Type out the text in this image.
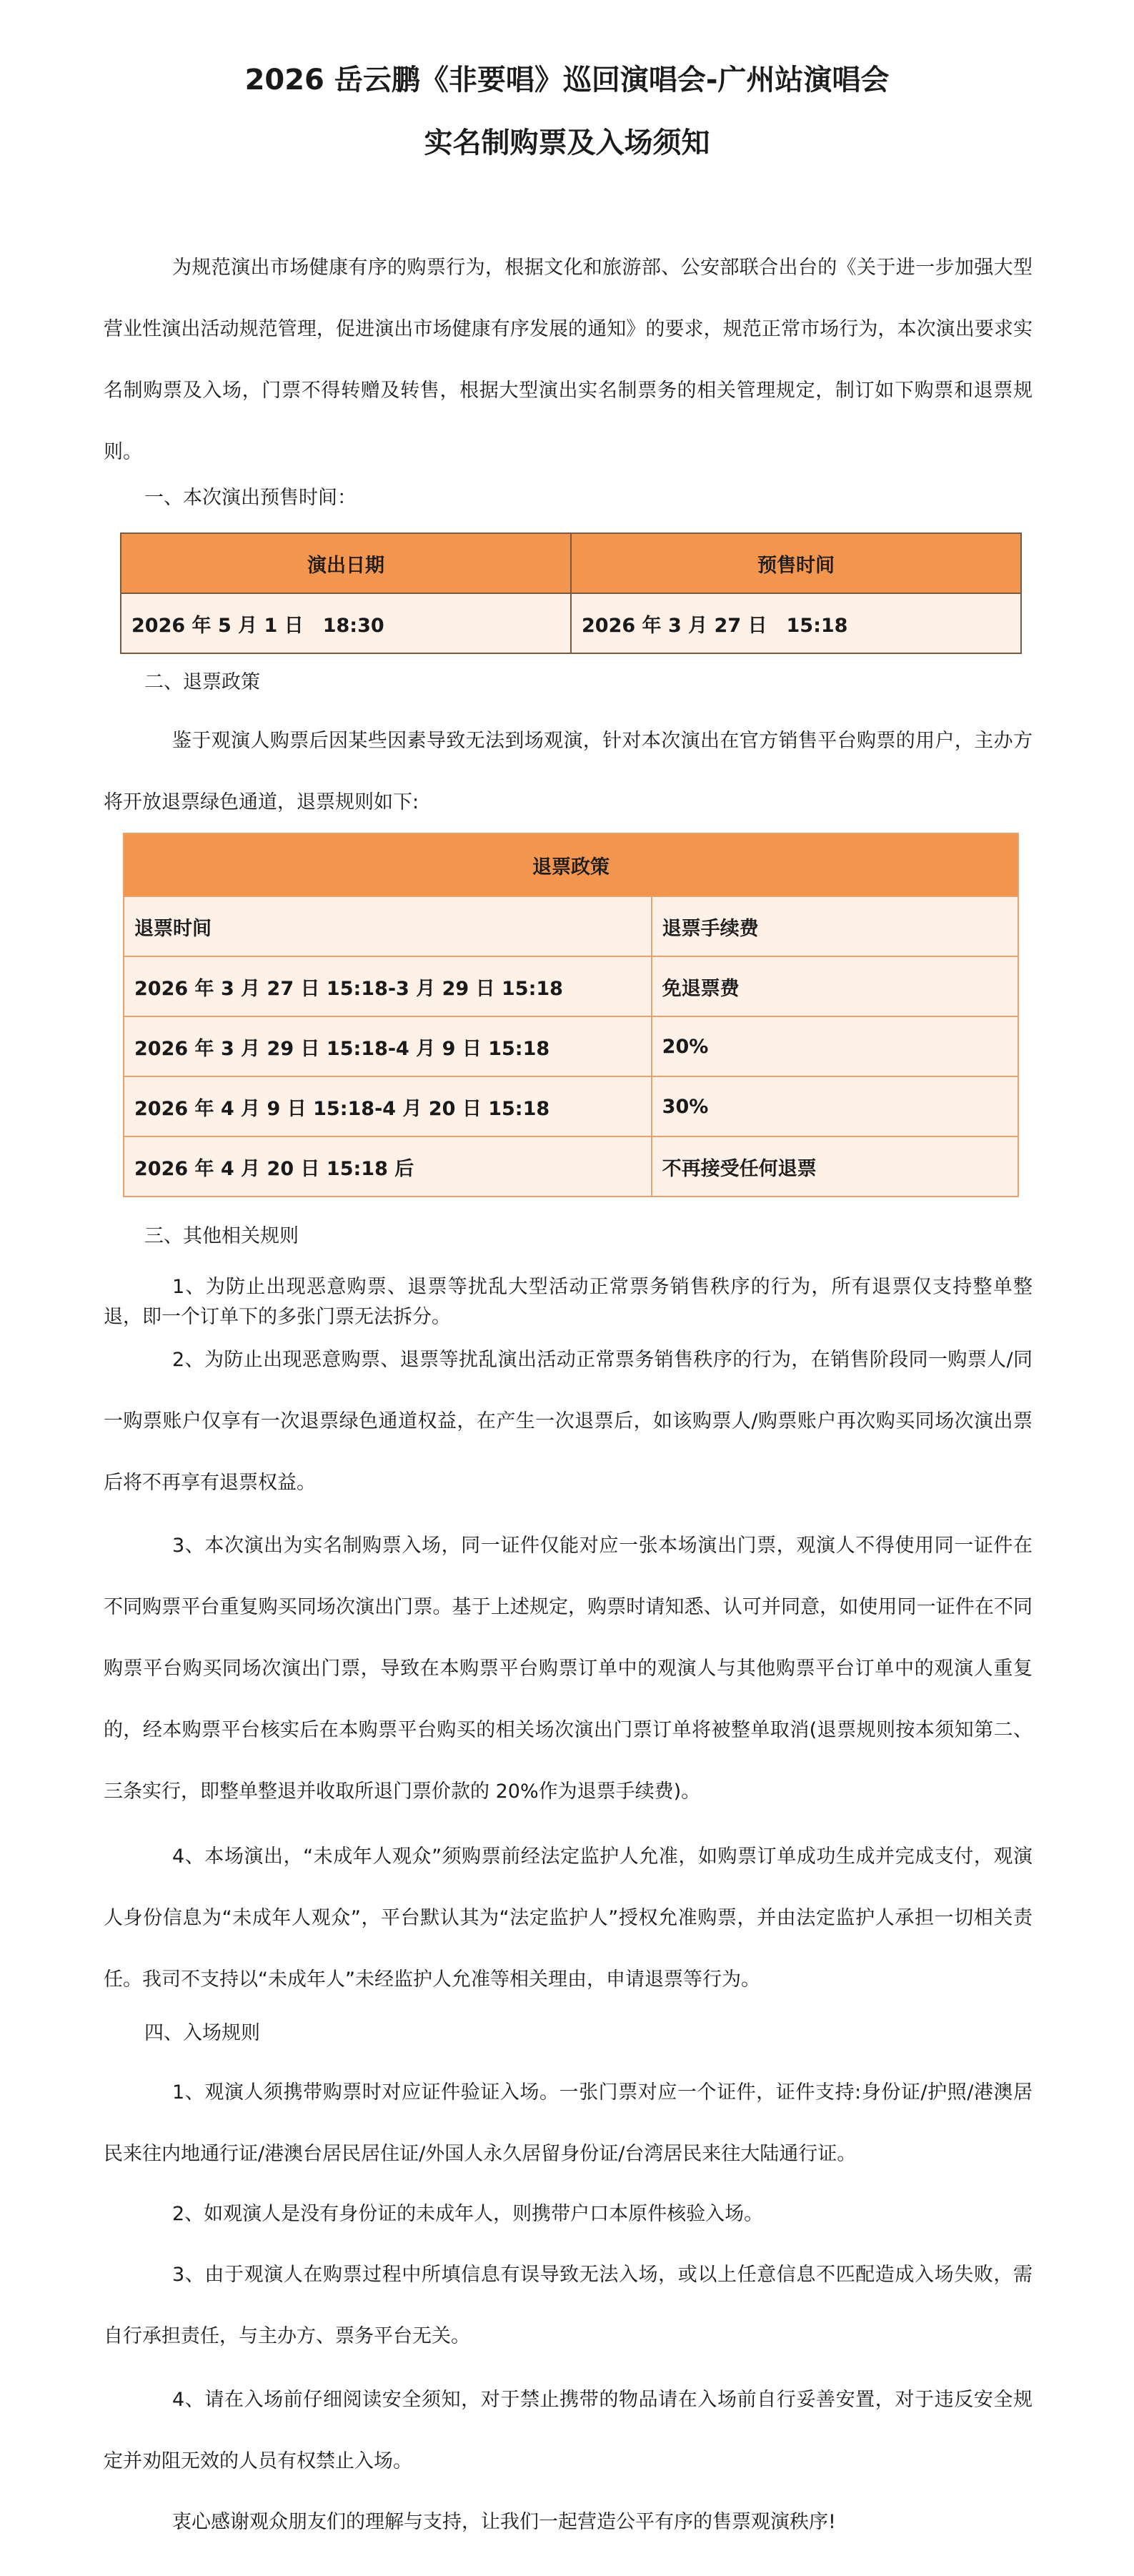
2026 岳云鹏《非要唱》巡回演唱会-广州站演唱会
实名制购票及入场须知

为规范演出市场健康有序的购票行为，根据文化和旅游部、公安部联合出台的《关于进一步加强大型营业性演出活动规范管理，促进演出市场健康有序发展的通知》的要求，规范正常市场行为，本次演出要求实名制购票及入场，门票不得转赠及转售，根据大型演出实名制票务的相关管理规定，制订如下购票和退票规则。

一、本次演出预售时间：

演出日期	预售时间
2026 年 5 月 1 日　18:30	2026 年 3 月 27 日　15:18

二、退票政策

鉴于观演人购票后因某些因素导致无法到场观演，针对本次演出在官方销售平台购票的用户，主办方将开放退票绿色通道，退票规则如下:

退票政策	
退票时间	退票手续费
2026 年 3 月 27 日 15:18-3 月 29 日 15:18	免退票费
2026 年 3 月 29 日 15:18-4 月 9 日 15:18	20%
2026 年 4 月 9 日 15:18-4 月 20 日 15:18	30%
2026 年 4 月 20 日 15:18 后	不再接受任何退票

三、其他相关规则

1、为防止出现恶意购票、退票等扰乱大型活动正常票务销售秩序的行为，所有退票仅支持整单整退，即一个订单下的多张门票无法拆分。

2、为防止出现恶意购票、退票等扰乱演出活动正常票务销售秩序的行为，在销售阶段同一购票人/同一购票账户仅享有一次退票绿色通道权益，在产生一次退票后，如该购票人/购票账户再次购买同场次演出票后将不再享有退票权益。

3、本次演出为实名制购票入场，同一证件仅能对应一张本场演出门票，观演人不得使用同一证件在不同购票平台重复购买同场次演出门票。基于上述规定，购票时请知悉、认可并同意，如使用同一证件在不同购票平台购买同场次演出门票，导致在本购票平台购票订单中的观演人与其他购票平台订单中的观演人重复的，经本购票平台核实后在本购票平台购买的相关场次演出门票订单将被整单取消(退票规则按本须知第二、三条实行，即整单整退并收取所退门票价款的 20%作为退票手续费)。

4、本场演出，“未成年人观众”须购票前经法定监护人允准，如购票订单成功生成并完成支付，观演人身份信息为“未成年人观众”，平台默认其为“法定监护人”授权允准购票，并由法定监护人承担一切相关责任。我司不支持以“未成年人”未经监护人允准等相关理由，申请退票等行为。

四、入场规则

1、观演人须携带购票时对应证件验证入场。一张门票对应一个证件，证件支持:身份证/护照/港澳居民来往内地通行证/港澳台居民居住证/外国人永久居留身份证/台湾居民来往大陆通行证。

2、如观演人是没有身份证的未成年人，则携带户口本原件核验入场。

3、由于观演人在购票过程中所填信息有误导致无法入场，或以上任意信息不匹配造成入场失败，需自行承担责任，与主办方、票务平台无关。

4、请在入场前仔细阅读安全须知，对于禁止携带的物品请在入场前自行妥善安置，对于违反安全规定并劝阻无效的人员有权禁止入场。

衷心感谢观众朋友们的理解与支持，让我们一起营造公平有序的售票观演秩序!
